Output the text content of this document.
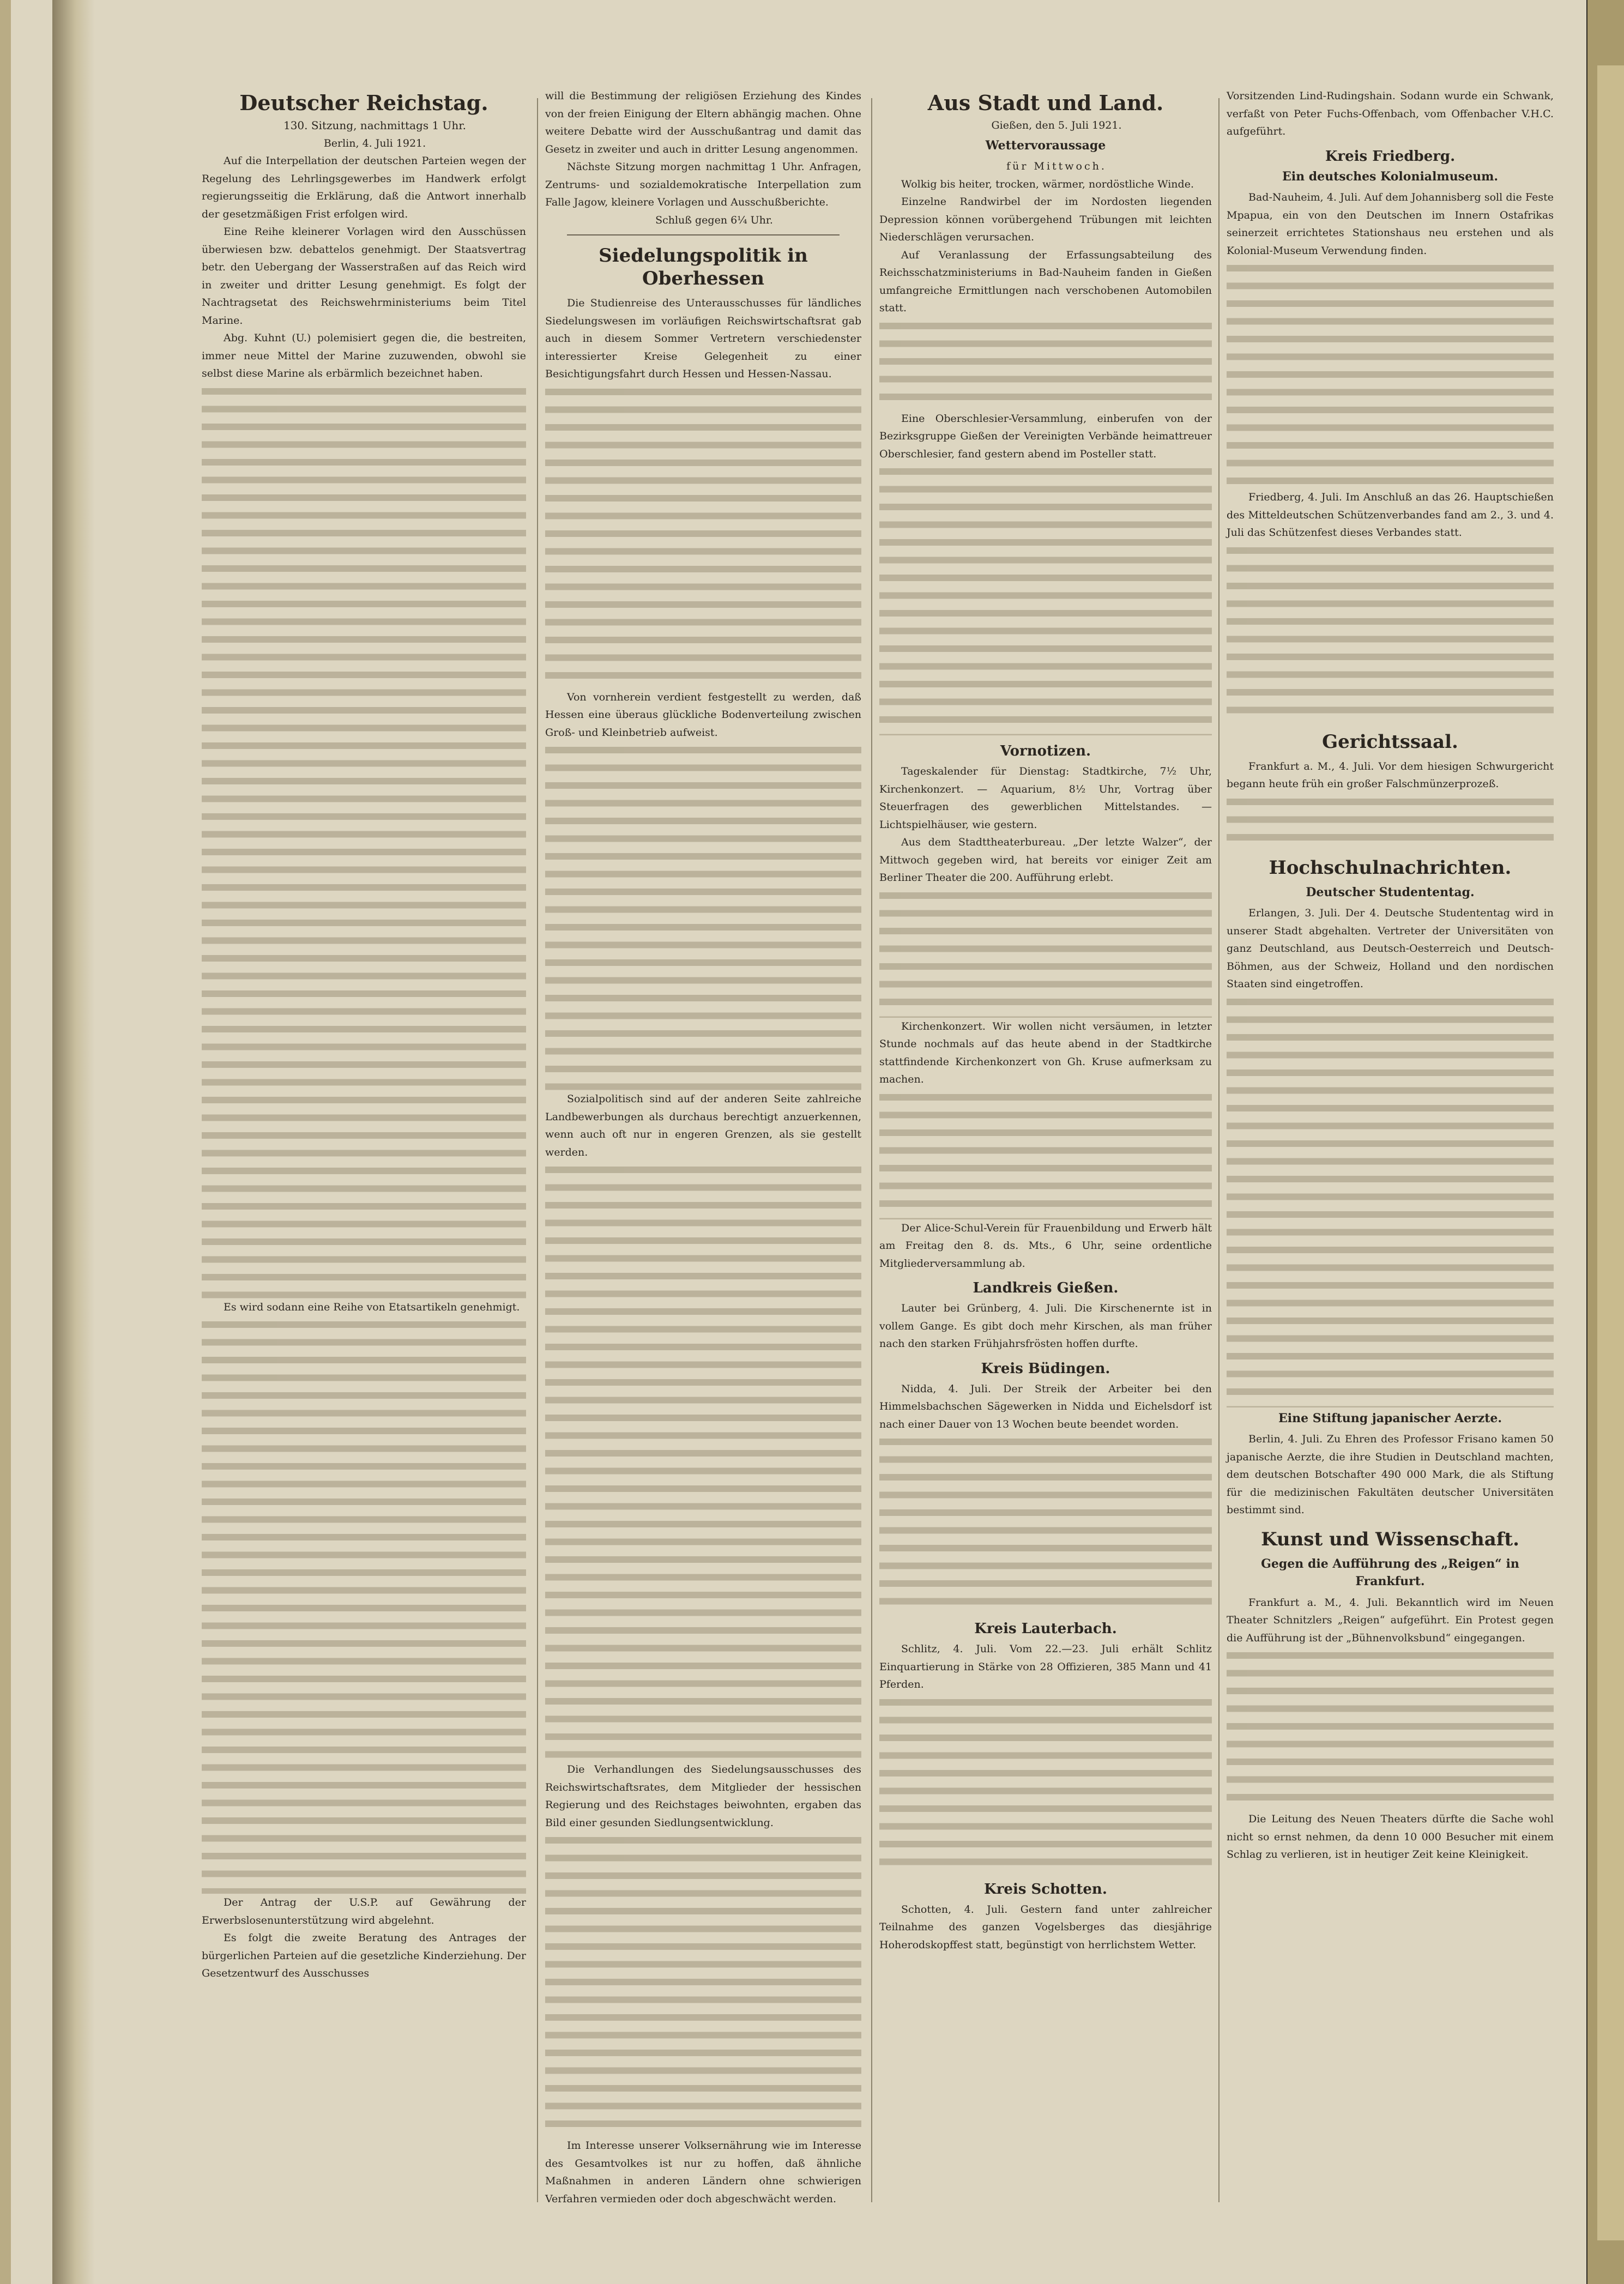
Deutscher Reichstag.

130. Sitzung, nachmittags 1 Uhr.

Berlin, 4. Juli 1921.

Auf die Interpellation der deutschen Parteien wegen der Regelung des Lehrlingsgewerbes im Handwerk erfolgt regierungsseitig die Erklärung, daß die Antwort innerhalb der gesetzmäßigen Frist erfolgen wird.

Eine Reihe kleinerer Vorlagen wird den Ausschüssen überwiesen bzw. debattelos genehmigt. Der Staatsvertrag betr. den Uebergang der Wasserstraßen auf das Reich wird in zweiter und dritter Lesung genehmigt. Es folgt der Nachtragsetat des Reichswehrministeriums beim Titel Marine.

Abg. Kuhnt (U.) polemisiert gegen die, die bestreiten, immer neue Mittel der Marine zuzuwenden, obwohl sie selbst diese Marine als erbärmlich bezeichnet haben.

Es wird sodann eine Reihe von Etatsartikeln genehmigt.

Der Antrag der U.S.P. auf Gewährung der Erwerbslosenunterstützung wird abgelehnt.

Es folgt die zweite Beratung des Antrages der bürgerlichen Parteien auf die gesetzliche Kinderziehung. Der Gesetzentwurf des Ausschusses

will die Bestimmung der religiösen Erziehung des Kindes von der freien Einigung der Eltern abhängig machen. Ohne weitere Debatte wird der Ausschußantrag und damit das Gesetz in zweiter und auch in dritter Lesung angenommen.

Nächste Sitzung morgen nachmittag 1 Uhr. Anfragen, Zentrums- und sozialdemokratische Interpellation zum Falle Jagow, kleinere Vorlagen und Ausschußberichte.

Schluß gegen 6¼ Uhr.

Siedelungspolitik in Oberhessen

Die Studienreise des Unterausschusses für ländliches Siedelungswesen im vorläufigen Reichswirtschaftsrat gab auch in diesem Sommer Vertretern verschiedenster interessierter Kreise Gelegenheit zu einer Besichtigungsfahrt durch Hessen und Hessen-Nassau.

Von vornherein verdient festgestellt zu werden, daß Hessen eine überaus glückliche Bodenverteilung zwischen Groß- und Kleinbetrieb aufweist.

Sozialpolitisch sind auf der anderen Seite zahlreiche Landbewerbungen als durchaus berechtigt anzuerkennen, wenn auch oft nur in engeren Grenzen, als sie gestellt werden.

Die Verhandlungen des Siedelungsausschusses des Reichswirtschaftsrates, dem Mitglieder der hessischen Regierung und des Reichstages beiwohnten, ergaben das Bild einer gesunden Siedlungsentwicklung.

Im Interesse unserer Volksernährung wie im Interesse des Gesamtvolkes ist nur zu hoffen, daß ähnliche Maßnahmen in anderen Ländern ohne schwierigen Verfahren vermieden oder doch abgeschwächt werden.

Aus Stadt und Land.

Gießen, den 5. Juli 1921.

Wettervoraussage

für Mittwoch.

Wolkig bis heiter, trocken, wärmer, nordöstliche Winde.

Einzelne Randwirbel der im Nordosten liegenden Depression können vorübergehend Trübungen mit leichten Niederschlägen verursachen.

Auf Veranlassung der Erfassungsabteilung des Reichsschatzministeriums in Bad-Nauheim fanden in Gießen umfangreiche Ermittlungen nach verschobenen Automobilen statt.

Eine Oberschlesier-Versammlung, einberufen von der Bezirksgruppe Gießen der Vereinigten Verbände heimattreuer Oberschlesier, fand gestern abend im Posteller statt.

Vornotizen.

Tageskalender für Dienstag: Stadtkirche, 7½ Uhr, Kirchenkonzert. — Aquarium, 8½ Uhr, Vortrag über Steuerfragen des gewerblichen Mittelstandes. — Lichtspielhäuser, wie gestern.

Aus dem Stadttheaterbureau. „Der letzte Walzer“, der Mittwoch gegeben wird, hat bereits vor einiger Zeit am Berliner Theater die 200. Aufführung erlebt.

Kirchenkonzert. Wir wollen nicht versäumen, in letzter Stunde nochmals auf das heute abend in der Stadtkirche stattfindende Kirchenkonzert von Gh. Kruse aufmerksam zu machen.

Der Alice-Schul-Verein für Frauenbildung und Erwerb hält am Freitag den 8. ds. Mts., 6 Uhr, seine ordentliche Mitgliederversammlung ab.

Landkreis Gießen.

Lauter bei Grünberg, 4. Juli. Die Kirschenernte ist in vollem Gange. Es gibt doch mehr Kirschen, als man früher nach den starken Frühjahrsfrösten hoffen durfte.

Kreis Büdingen.

Nidda, 4. Juli. Der Streik der Arbeiter bei den Himmelsbachschen Sägewerken in Nidda und Eichelsdorf ist nach einer Dauer von 13 Wochen beute beendet worden.

Kreis Lauterbach.

Schlitz, 4. Juli. Vom 22.—23. Juli erhält Schlitz Einquartierung in Stärke von 28 Offizieren, 385 Mann und 41 Pferden.

Kreis Schotten.

Schotten, 4. Juli. Gestern fand unter zahlreicher Teilnahme des ganzen Vogelsberges das diesjährige Hoherodskopffest statt, begünstigt von herrlichstem Wetter.

Vorsitzenden Lind-Rudingshain. Sodann wurde ein Schwank, verfaßt von Peter Fuchs-Offenbach, vom Offenbacher V.H.C. aufgeführt.

Kreis Friedberg.
Ein deutsches Kolonialmuseum.

Bad-Nauheim, 4. Juli. Auf dem Johannisberg soll die Feste Mpapua, ein von den Deutschen im Innern Ostafrikas seinerzeit errichtetes Stationshaus neu erstehen und als Kolonial-Museum Verwendung finden.

Friedberg, 4. Juli. Im Anschluß an das 26. Hauptschießen des Mitteldeutschen Schützenverbandes fand am 2., 3. und 4. Juli das Schützenfest dieses Verbandes statt.

Gerichtssaal.

Frankfurt a. M., 4. Juli. Vor dem hiesigen Schwurgericht begann heute früh ein großer Falschmünzerprozeß.

Hochschulnachrichten.
Deutscher Studententag.

Erlangen, 3. Juli. Der 4. Deutsche Studententag wird in unserer Stadt abgehalten. Vertreter der Universitäten von ganz Deutschland, aus Deutsch-Oesterreich und Deutsch-Böhmen, aus der Schweiz, Holland und den nordischen Staaten sind eingetroffen.

Eine Stiftung japanischer Aerzte.

Berlin, 4. Juli. Zu Ehren des Professor Frisano kamen 50 japanische Aerzte, die ihre Studien in Deutschland machten, dem deutschen Botschafter 490 000 Mark, die als Stiftung für die medizinischen Fakultäten deutscher Universitäten bestimmt sind.

Kunst und Wissenschaft.
Gegen die Aufführung des „Reigen“ in Frankfurt.

Frankfurt a. M., 4. Juli. Bekanntlich wird im Neuen Theater Schnitzlers „Reigen“ aufgeführt. Ein Protest gegen die Aufführung ist der „Bühnenvolksbund“ eingegangen.

Die Leitung des Neuen Theaters dürfte die Sache wohl nicht so ernst nehmen, da denn 10 000 Besucher mit einem Schlag zu verlieren, ist in heutiger Zeit keine Kleinigkeit.
